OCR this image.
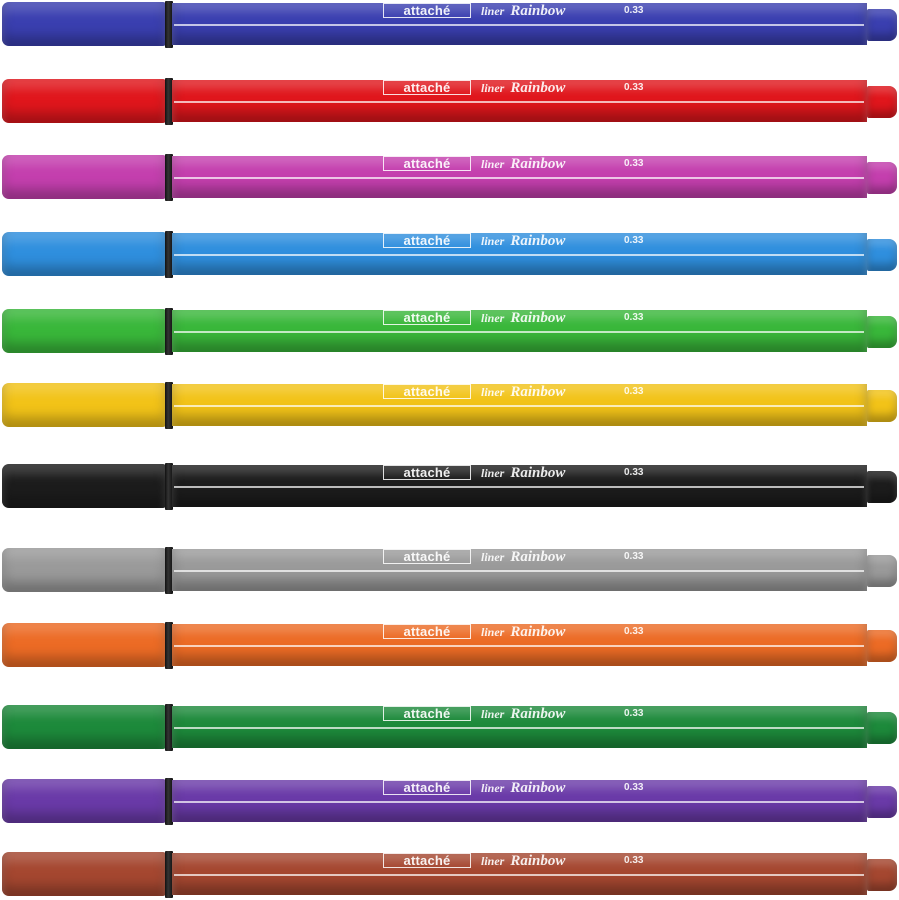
attaché	liner Rainbow	0.33
attaché	liner Rainbow	0.33
attaché	liner Rainbow	0.33
attaché	liner Rainbow	0.33
attaché	liner Rainbow	0.33
attaché	liner Rainbow	0.33
attaché	liner Rainbow	0.33
attaché	liner Rainbow	0.33
attaché	liner Rainbow	0.33
attaché	liner Rainbow	0.33
attaché	liner Rainbow	0.33
attaché	liner Rainbow	0.33
